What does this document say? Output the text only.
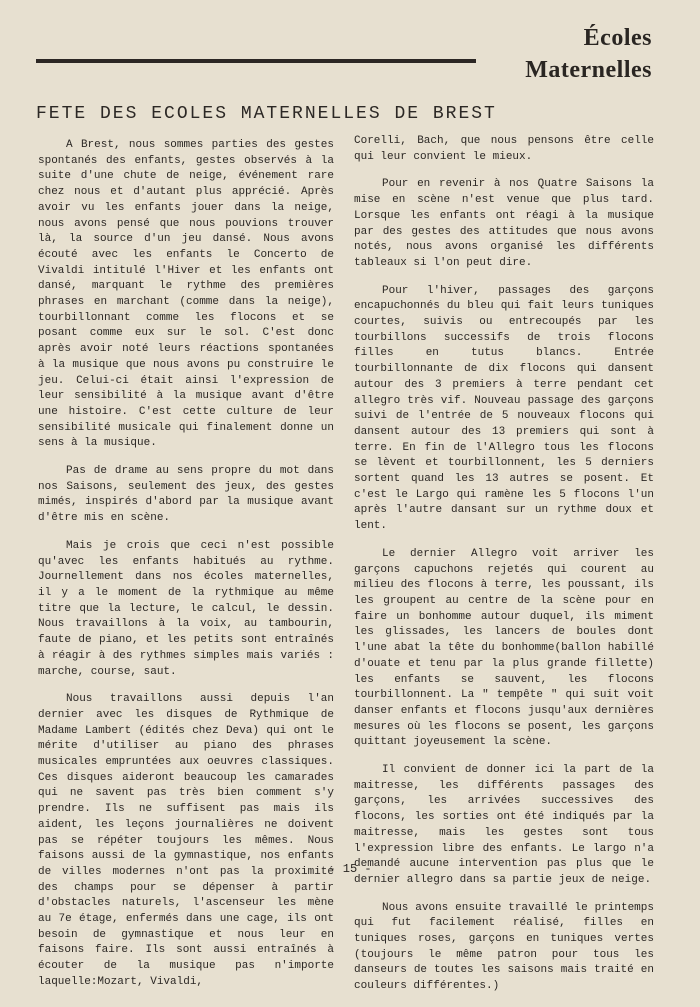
Écoles
Maternelles
FETE DES ECOLES MATERNELLES DE BREST

A Brest, nous sommes parties des gestes spontanés des enfants, gestes observés à la suite d'une chute de neige, événement rare chez nous et d'autant plus apprécié. Après avoir vu les enfants jouer dans la neige, nous avons pensé que nous pouvions trouver là, la source d'un jeu dansé. Nous avons écouté avec les enfants le Concerto de Vivaldi intitulé l'Hiver et les enfants ont dansé, marquant le rythme des premières phrases en marchant (comme dans la neige), tourbillonnant comme les flocons et se posant comme eux sur le sol. C'est donc après avoir noté leurs réactions spontanées à la musique que nous avons pu construire le jeu. Celui-ci était ainsi l'expression de leur sensibilité à la musique avant d'être une histoire. C'est cette culture de leur sensibilité musicale qui finalement donne un sens à la musique.

Pas de drame au sens propre du mot dans nos Saisons, seulement des jeux, des gestes mimés, inspirés d'abord par la musique avant d'être mis en scène.

Mais je crois que ceci n'est possible qu'avec les enfants habitués au rythme. Journellement dans nos écoles maternelles, il y a le moment de la rythmique au même titre que la lecture, le calcul, le dessin. Nous travaillons à la voix, au tambourin, faute de piano, et les petits sont entraînés à réagir à des rythmes simples mais variés : marche, course, saut.

Nous travaillons aussi depuis l'an dernier avec les disques de Rythmique de Madame Lambert (édités chez Deva) qui ont le mérite d'utiliser au piano des phrases musicales empruntées aux oeuvres classiques. Ces disques aideront beaucoup les camarades qui ne savent pas très bien comment s'y prendre. Ils ne suffisent pas mais ils aident, les leçons journalières ne doivent pas se répéter toujours les mêmes. Nous faisons aussi de la gymnastique, nos enfants de villes modernes n'ont pas la proximité des champs pour se dépenser à partir d'obstacles naturels, l'ascenseur les mène au 7e étage, enfermés dans une cage, ils ont besoin de gymnastique et nous leur en faisons faire. Ils sont aussi entraînés à écouter de la musique pas n'importe laquelle:Mozart, Vivaldi,

Corelli, Bach, que nous pensons être celle qui leur convient le mieux.

Pour en revenir à nos Quatre Saisons la mise en scène n'est venue que plus tard. Lorsque les enfants ont réagi à la musique par des gestes des attitudes que nous avons notés, nous avons organisé les différents tableaux si l'on peut dire.

Pour l'hiver, passages des garçons encapuchonnés du bleu qui fait leurs tuniques courtes, suivis ou entrecoupés par les tourbillons successifs de trois flocons filles en tutus blancs. Entrée tourbillonnante de dix flocons qui dansent autour des 3 premiers à terre pendant cet allegro très vif. Nouveau passage des garçons suivi de l'entrée de 5 nouveaux flocons qui dansent autour des 13 premiers qui sont à terre. En fin de l'Allegro tous les flocons se lèvent et tourbillonnent, les 5 derniers sortent quand les 13 autres se posent. Et c'est le Largo qui ramène les 5 flocons l'un après l'autre dansant sur un rythme doux et lent.

Le dernier Allegro voit arriver les garçons capuchons rejetés qui courent au milieu des flocons à terre, les poussant, ils les groupent au centre de la scène pour en faire un bonhomme autour duquel, ils miment les glissades, les lancers de boules dont l'une abat la tête du bonhomme(ballon habillé d'ouate et tenu par la plus grande fillette) les enfants se sauvent, les flocons tourbillonnent. La " tempête " qui suit voit danser enfants et flocons jusqu'aux dernières mesures où les flocons se posent, les garçons quittant joyeusement la scène.

Il convient de donner ici la part de la maitresse, les différents passages des garçons, les arrivées successives des flocons, les sorties ont été indiqués par la maitresse, mais les gestes sont tous l'expression libre des enfants. Le largo n'a demandé aucune intervention pas plus que le dernier allegro dans sa partie jeux de neige.

Nous avons ensuite travaillé le printemps qui fut facilement réalisé, filles en tuniques roses, garçons en tuniques vertes (toujours le même patron pour tous les danseurs de toutes les saisons mais traité en couleurs différentes.)

- 15 -
